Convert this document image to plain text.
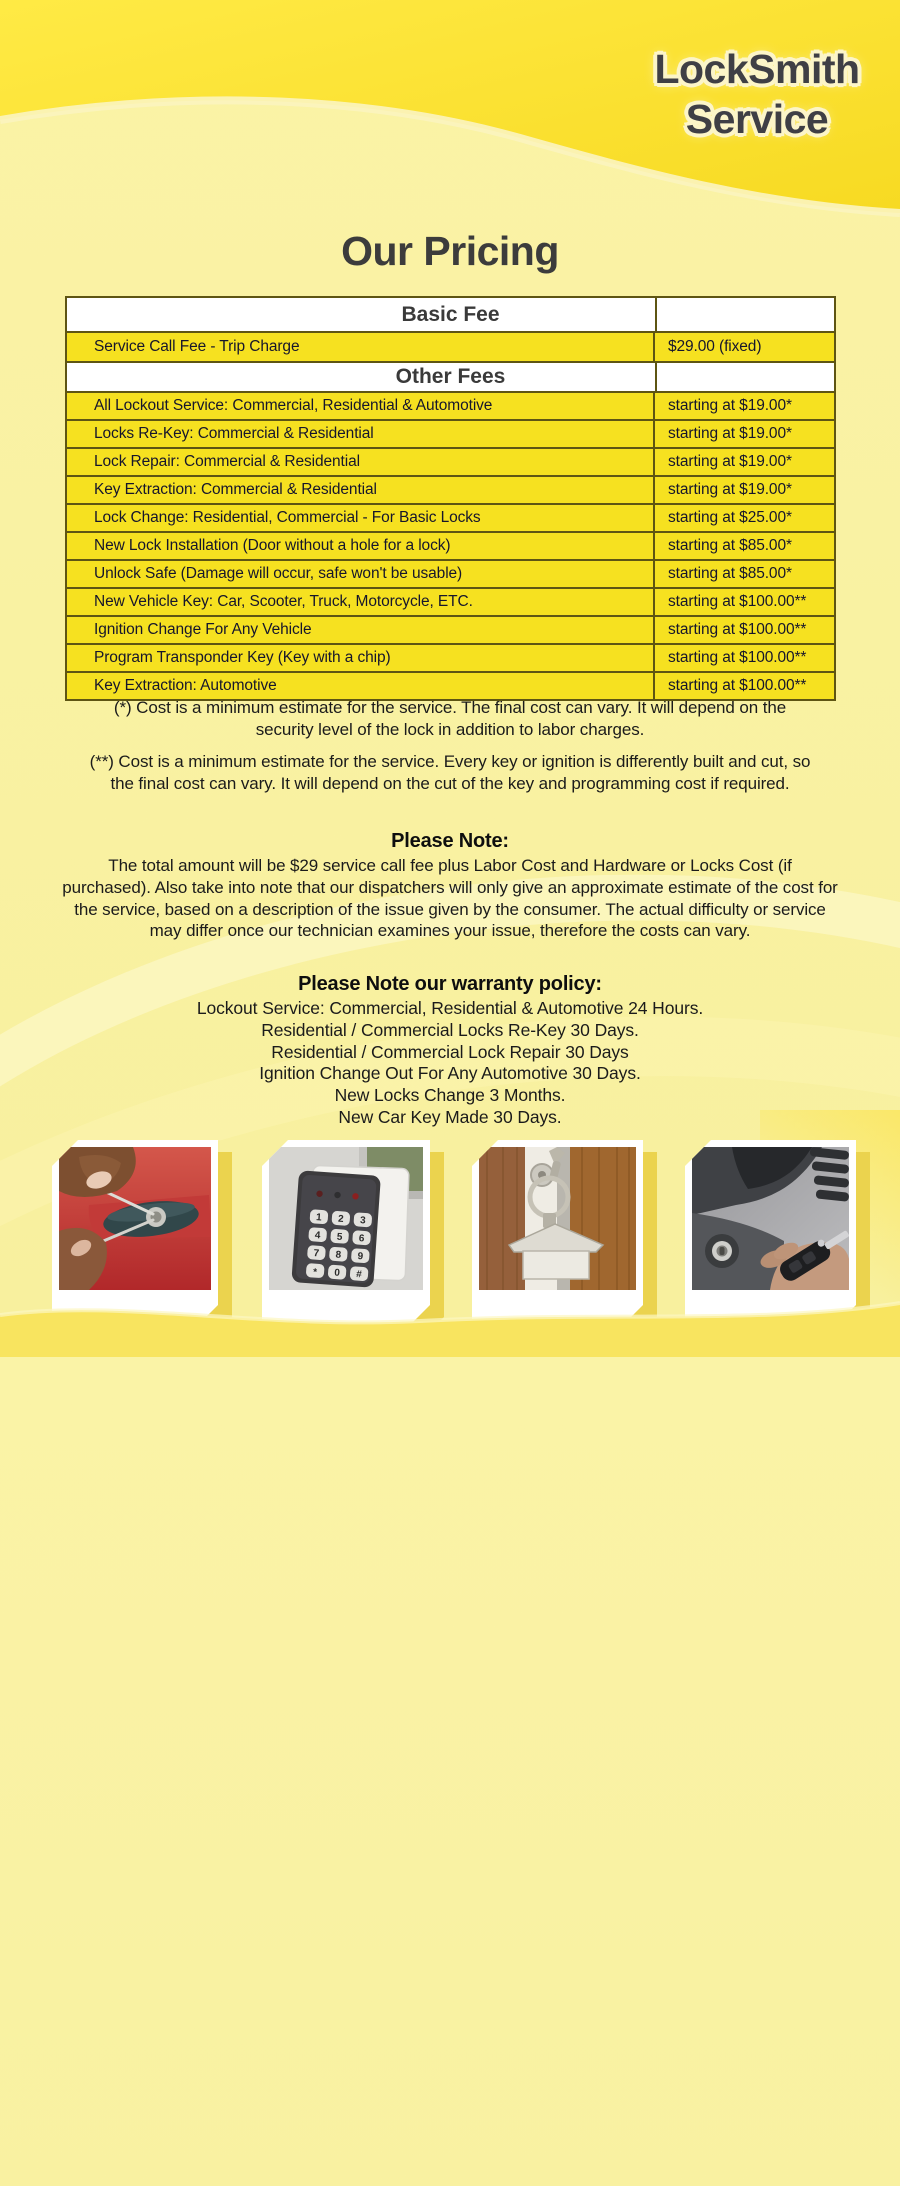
LockSmith
Service
Our Pricing
Basic Fee
Service Call Fee - Trip Charge	$29.00 (fixed)
Other Fees
All Lockout Service: Commercial, Residential & Automotive	starting at $19.00*
Locks Re-Key: Commercial & Residential	starting at $19.00*
Lock Repair: Commercial & Residential	starting at $19.00*
Key Extraction: Commercial & Residential	starting at $19.00*
Lock Change: Residential, Commercial - For Basic Locks	starting at $25.00*
New Lock Installation (Door without a hole for a lock)	starting at $85.00*
Unlock Safe (Damage will occur, safe won't be usable)	starting at $85.00*
New Vehicle Key: Car, Scooter, Truck, Motorcycle, ETC.	starting at $100.00**
Ignition Change For Any Vehicle	starting at $100.00**
Program Transponder Key (Key with a chip)	starting at $100.00**
Key Extraction: Automotive	starting at $100.00**

(*) Cost is a minimum estimate for the service. The final cost can vary. It will depend on the security level of the lock in addition to labor charges.

(**) Cost is a minimum estimate for the service. Every key or ignition is differently built and cut, so the final cost can vary. It will depend on the cut of the key and programming cost if required.

Please Note:

The total amount will be $29 service call fee plus Labor Cost and Hardware or Locks Cost (if purchased). Also take into note that our dispatchers will only give an approximate estimate of the cost for the service, based on a description of the issue given by the consumer. The actual difficulty or service may differ once our technician examines your issue, therefore the costs can vary.

Please Note our warranty policy:
Lockout Service: Commercial, Residential & Automotive 24 Hours.
Residential / Commercial Locks Re-Key 30 Days.
Residential / Commercial Lock Repair 30 Days
Ignition Change Out For Any Automotive 30 Days.
New Locks Change 3 Months.
New Car Key Made 30 Days.
1 2 3
4 5 6
7 8 9
* 0 #
